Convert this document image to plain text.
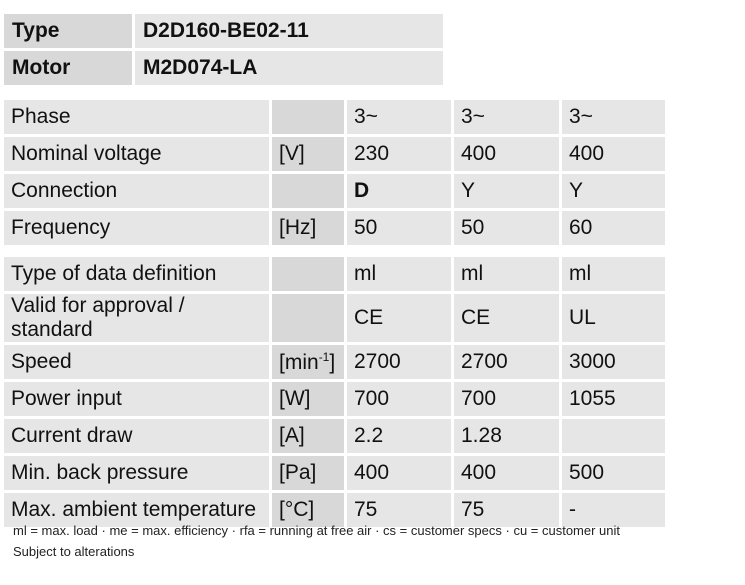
Type	D2D160-BE02-11
Motor	M2D074-LA
Phase		3~	3~	3~
Nominal voltage	[V]	230	400	400
Connection		D	Y	Y
Frequency	[Hz]	50	50	60
Type of data definition		ml	ml	ml
Valid for approval / standard		CE	CE	UL
Speed	$[\min^{-1}]$	2700	2700	3000
Power input	[W]	700	700	1055
Current draw	[A]	2.2	1.28	
Min. back pressure	[Pa]	400	400	500
Max. ambient temperature	[°C]	75	75	-
ml = max. load · me = max. efficiency · rfa = running at free air · cs = customer specs · cu = customer unit
Subject to alterations
